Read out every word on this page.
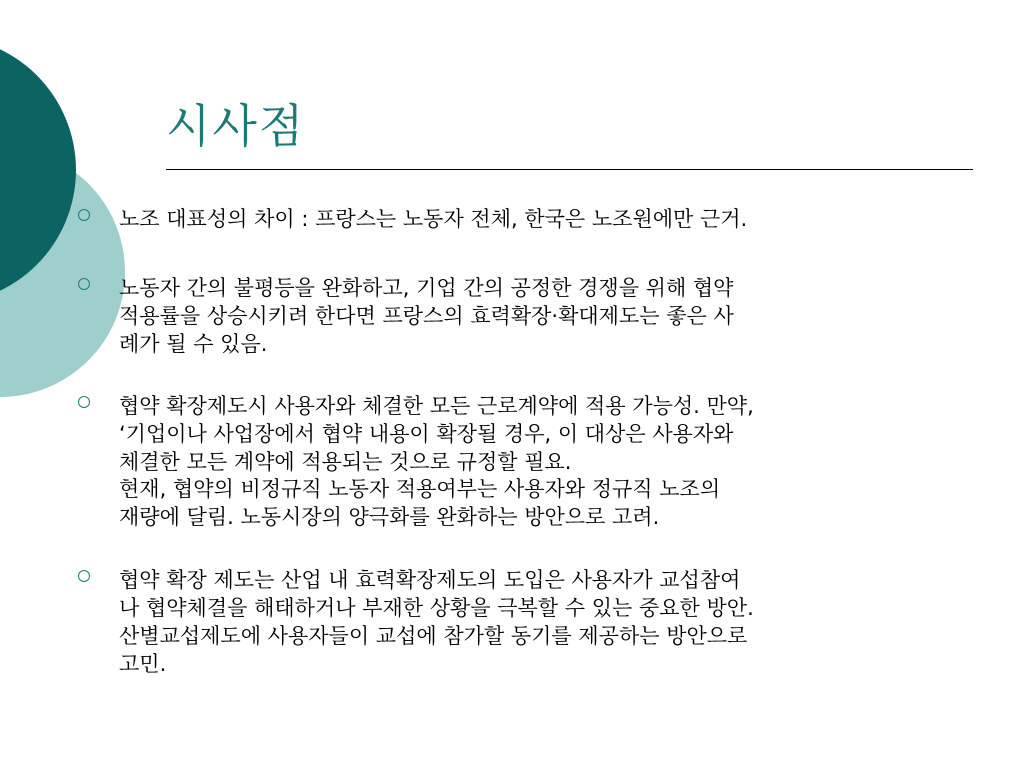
시사점
노조 대표성의 차이 : 프랑스는 노동자 전체, 한국은 노조원에만 근거.
노동자 간의 불평등을 완화하고, 기업 간의 공정한 경쟁을 위해 협약
적용률을 상승시키려 한다면 프랑스의 효력확장·확대제도는 좋은 사
례가 될 수 있음.
협약 확장제도시 사용자와 체결한 모든 근로계약에 적용 가능성. 만약,
‘기업이나 사업장에서 협약 내용이 확장될 경우, 이 대상은 사용자와
체결한 모든 계약에 적용되는 것으로 규정할 필요.
현재, 협약의 비정규직 노동자 적용여부는 사용자와 정규직 노조의
재량에 달림. 노동시장의 양극화를 완화하는 방안으로 고려.
협약 확장 제도는 산업 내 효력확장제도의 도입은 사용자가 교섭참여
나 협약체결을 해태하거나 부재한 상황을 극복할 수 있는 중요한 방안.
산별교섭제도에 사용자들이 교섭에 참가할 동기를 제공하는 방안으로
고민.
